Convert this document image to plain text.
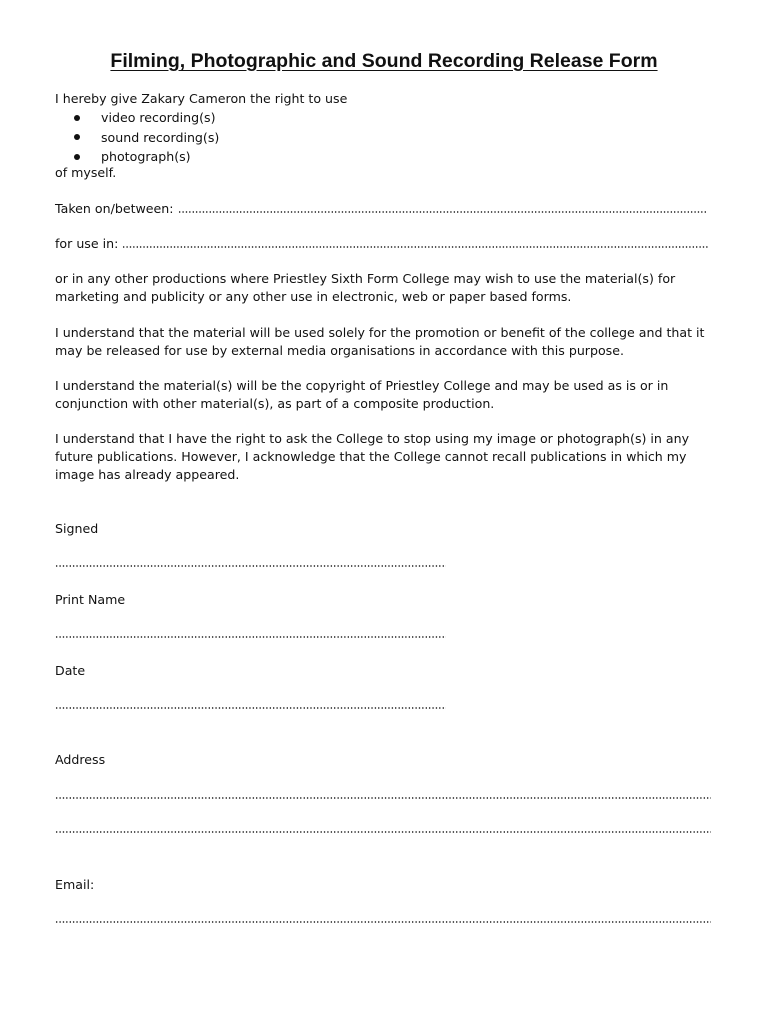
Filming, Photographic and Sound Recording Release Form
I hereby give Zakary Cameron the right to use
video recording(s)
sound recording(s)
photograph(s)
of myself.
Taken on/between:
for use in:
or in any other productions where Priestley Sixth Form College may wish to use the material(s) for
marketing and publicity or any other use in electronic, web or paper based forms.
I understand that the material will be used solely for the promotion or benefit of the college and that it
may be released for use by external media organisations in accordance with this purpose.
I understand the material(s) will be the copyright of Priestley College and may be used as is or in
conjunction with other material(s), as part of a composite production.
I understand that I have the right to ask the College to stop using my image or photograph(s) in any
future publications. However, I acknowledge that the College cannot recall publications in which my
image has already appeared.
Signed
Print Name
Date
Address
Email:
